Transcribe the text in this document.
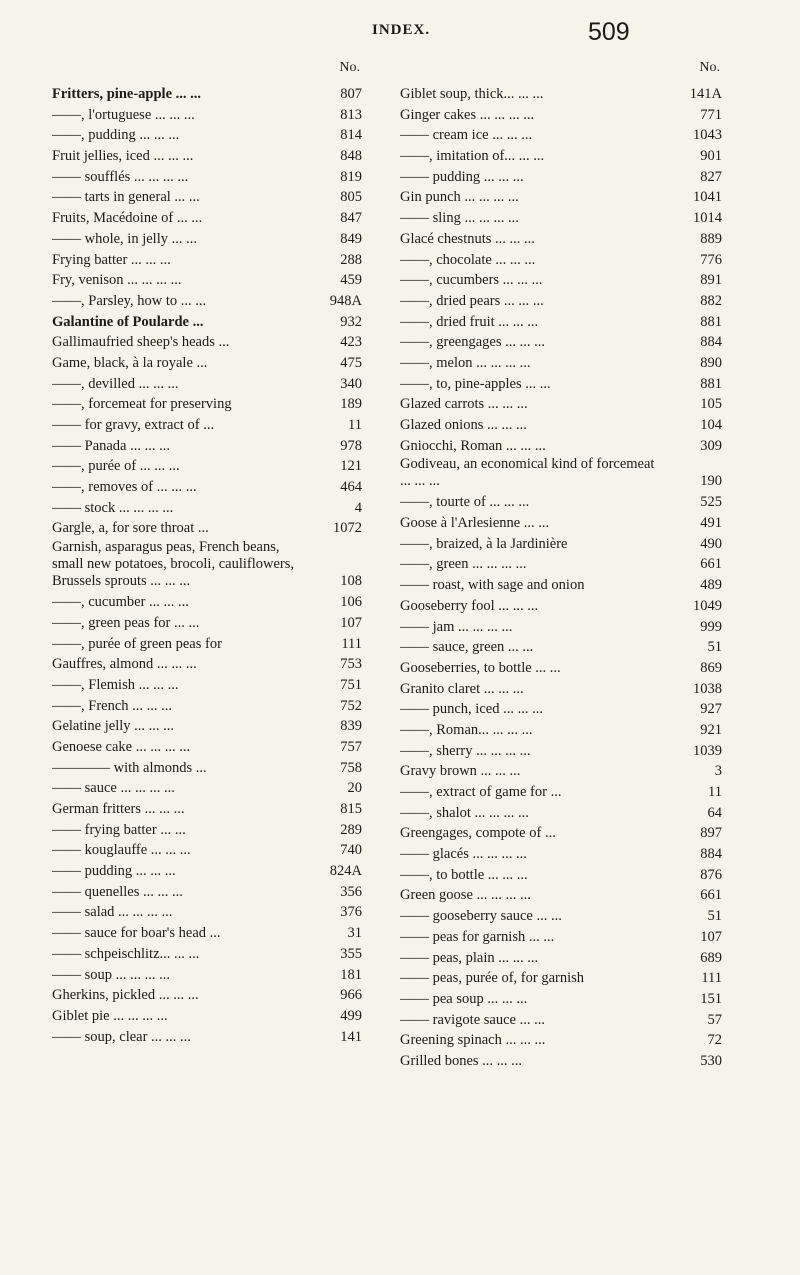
INDEX.	509
No.
Fritters, pine-apple ... ...	807
——, l'ortuguese ... ... ...	813
——, pudding ... ... ...	814
Fruit jellies, iced ... ... ...	848
—— soufflés ... ... ... ...	819
—— tarts in general ... ...	805
Fruits, Macédoine of ... ...	847
—— whole, in jelly ... ...	849
Frying batter ... ... ...	288
Fry, venison ... ... ... ...	459
——, Parsley, how to ... ...	948A
Galantine of Poularde ...	932
Gallimaufried sheep's heads ...	423
Game, black, à la royale ...	475
——, devilled ... ... ...	340
——, forcemeat for preserving	189
—— for gravy, extract of ...	11
—— Panada ... ... ...	978
——, purée of ... ... ...	121
——, removes of ... ... ...	464
—— stock ... ... ... ...	4
Gargle, a, for sore throat ...	1072
Garnish, asparagus peas, French beans, small new potatoes, brocoli, cauliflowers, Brussels sprouts ... ... ...	108
——, cucumber ... ... ...	106
——, green peas for ... ...	107
——, purée of green peas for	111
Gauffres, almond ... ... ...	753
——, Flemish ... ... ...	751
——, French ... ... ...	752
Gelatine jelly ... ... ...	839
Genoese cake ... ... ... ...	757
———— with almonds ...	758
—— sauce ... ... ... ...	20
German fritters ... ... ...	815
—— frying batter ... ...	289
—— kouglauffe ... ... ...	740
—— pudding ... ... ...	824A
—— quenelles ... ... ...	356
—— salad ... ... ... ...	376
—— sauce for boar's head ...	31
—— schpeischlitz... ... ...	355
—— soup ... ... ... ...	181
Gherkins, pickled ... ... ...	966
Giblet pie ... ... ... ...	499
—— soup, clear ... ... ...	141
No.
Giblet soup, thick... ... ...	141A
Ginger cakes ... ... ... ...	771
—— cream ice ... ... ...	1043
——, imitation of... ... ...	901
—— pudding ... ... ...	827
Gin punch ... ... ... ...	1041
—— sling ... ... ... ...	1014
Glacé chestnuts ... ... ...	889
——, chocolate ... ... ...	776
——, cucumbers ... ... ...	891
——, dried pears ... ... ...	882
——, dried fruit ... ... ...	881
——, greengages ... ... ...	884
——, melon ... ... ... ...	890
——, to, pine-apples ... ...	881
Glazed carrots ... ... ...	105
Glazed onions ... ... ...	104
Gniocchi, Roman ... ... ...	309
Godiveau, an economical kind of forcemeat ... ... ...	190
——, tourte of ... ... ...	525
Goose à l'Arlesienne ... ...	491
——, braized, à la Jardinière	490
——, green ... ... ... ...	661
—— roast, with sage and onion	489
Gooseberry fool ... ... ...	1049
—— jam ... ... ... ...	999
—— sauce, green ... ...	51
Gooseberries, to bottle ... ...	869
Granito claret ... ... ...	1038
—— punch, iced ... ... ...	927
——, Roman... ... ... ...	921
——, sherry ... ... ... ...	1039
Gravy brown ... ... ...	3
——, extract of game for ...	11
——, shalot ... ... ... ...	64
Greengages, compote of ...	897
—— glacés ... ... ... ...	884
——, to bottle ... ... ...	876
Green goose ... ... ... ...	661
—— gooseberry sauce ... ...	51
—— peas for garnish ... ...	107
—— peas, plain ... ... ...	689
—— peas, purée of, for garnish	111
—— pea soup ... ... ...	151
—— ravigote sauce ... ...	57
Greening spinach ... ... ...	72
Grilled bones ... ... ...	530
